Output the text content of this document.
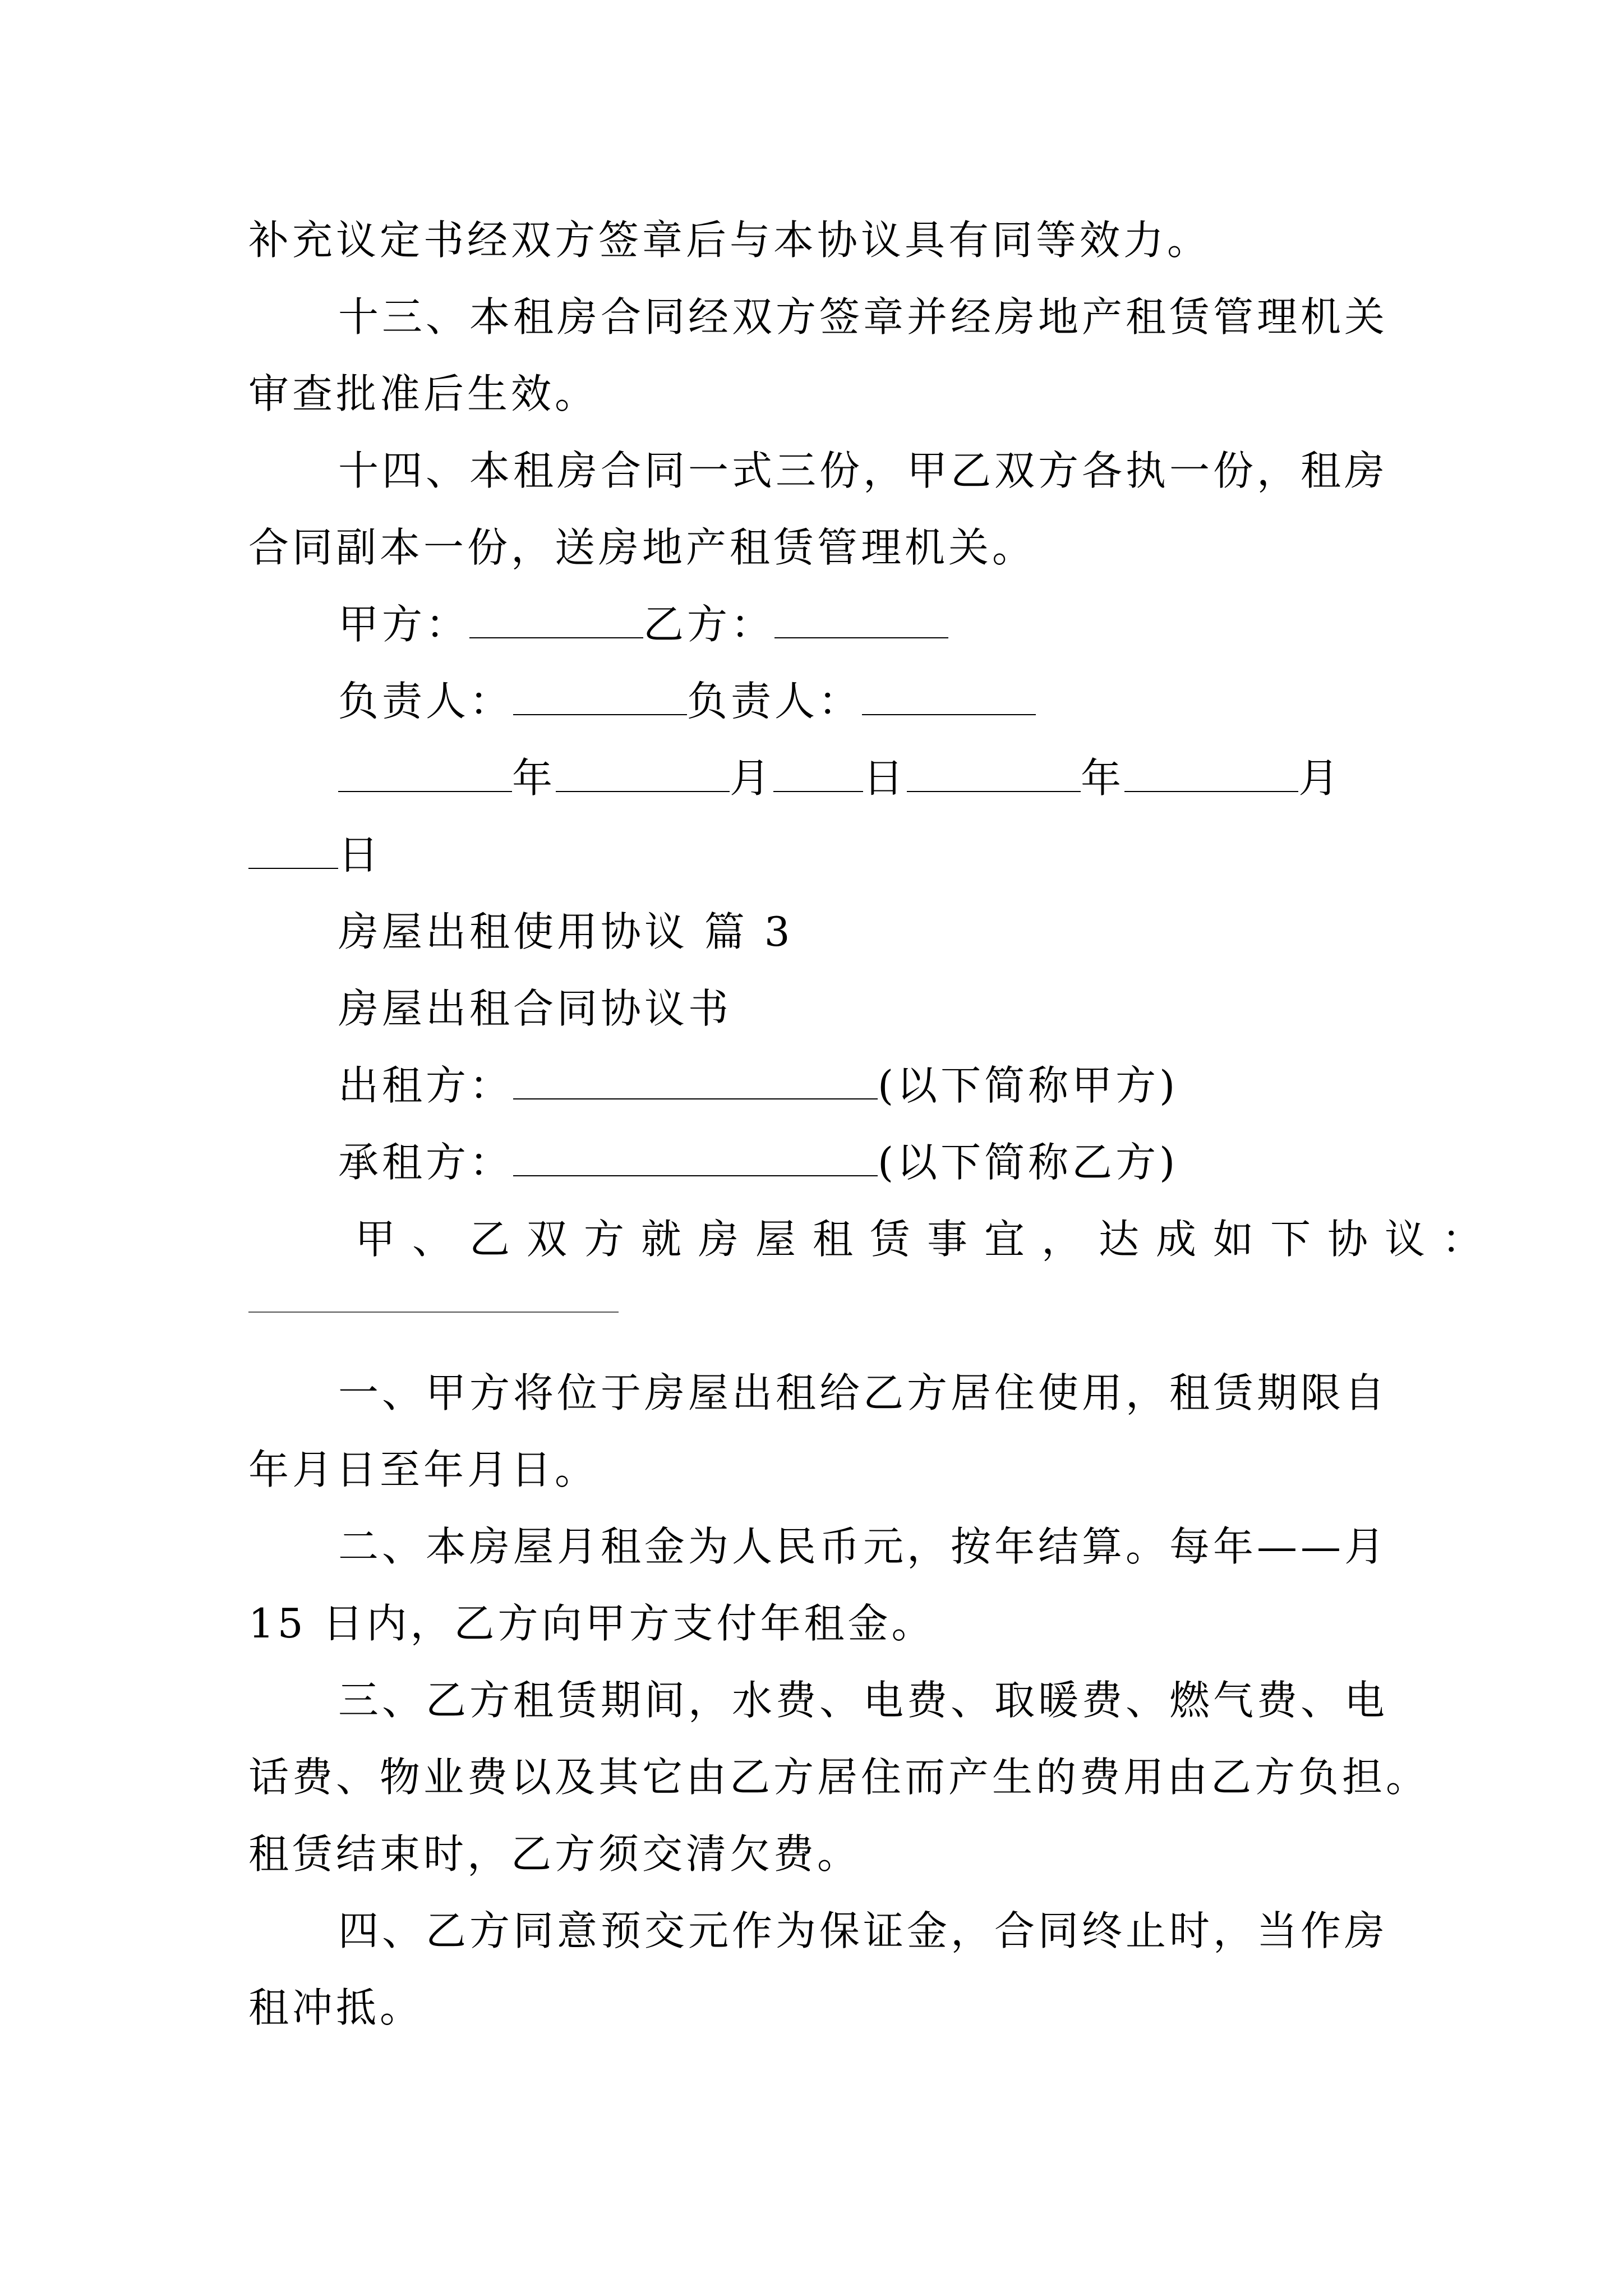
补充议定书经双方签章后与本协议具有同等效力。
十三、本租房合同经双方签章并经房地产租赁管理机关
审查批准后生效。
十四、本租房合同一式三份，甲乙双方各执一份，租房
合同副本一份，送房地产租赁管理机关。
甲方：	乙方：
负责人：	负责人：
年	月 日	年	月
日
房屋出租使用协议 篇 3
房屋出租合同协议书
出租方：	(以下简称甲方)
承租方：	(以下简称乙方)
甲、乙双方就房屋租赁事宜，达成如下协议：
一、甲方将位于房屋出租给乙方居住使用，租赁期限自
年月日至年月日。
二、本房屋月租金为人民币元，按年结算。每年——月
15 日内，乙方向甲方支付年租金。
三、乙方租赁期间，水费、电费、取暖费、燃气费、电
话费、物业费以及其它由乙方居住而产生的费用由乙方负担。
租赁结束时，乙方须交清欠费。
四、乙方同意预交元作为保证金，合同终止时，当作房
租冲抵。
